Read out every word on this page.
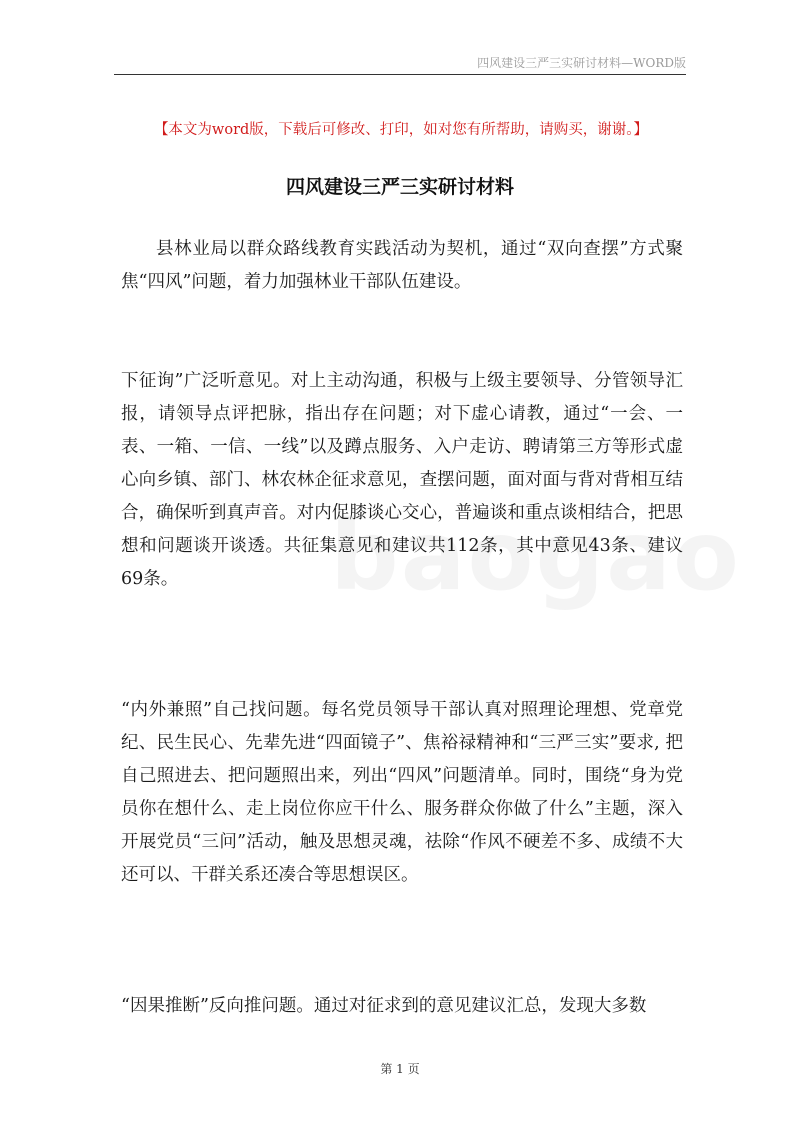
四风建设三严三实研讨材料—WORD版
【本文为word版，下载后可修改、打印，如对您有所帮助，请购买，谢谢。】
四风建设三严三实研讨材料

县林业局以群众路线教育实践活动为契机，通过“双向查摆”方式聚焦“四风”问题，着力加强林业干部队伍建设。

下征询”广泛听意见。对上主动沟通，积极与上级主要领导、分管领导汇报，请领导点评把脉，指出存在问题；对下虚心请教，通过“一会、一表、一箱、一信、一线”以及蹲点服务、入户走访、聘请第三方等形式虚心向乡镇、部门、林农林企征求意见，查摆问题，面对面与背对背相互结合，确保听到真声音。对内促膝谈心交心，普遍谈和重点谈相结合，把思想和问题谈开谈透。共征集意见和建议共112条，其中意见43条、建议69条。

“内外兼照”自己找问题。每名党员领导干部认真对照理论理想、党章党纪、民生民心、先辈先进“四面镜子”、焦裕禄精神和“三严三实”要求, 把自己照进去、把问题照出来，列出“四风”问题清单。同时，围绕“身为党员你在想什么、走上岗位你应干什么、服务群众你做了什么”主题，深入开展党员“三问”活动，触及思想灵魂，祛除“作风不硬差不多、成绩不大还可以、干群关系还凑合等思想误区。

“因果推断”反向推问题。通过对征求到的意见建议汇总，发现大多数

第 1 页
